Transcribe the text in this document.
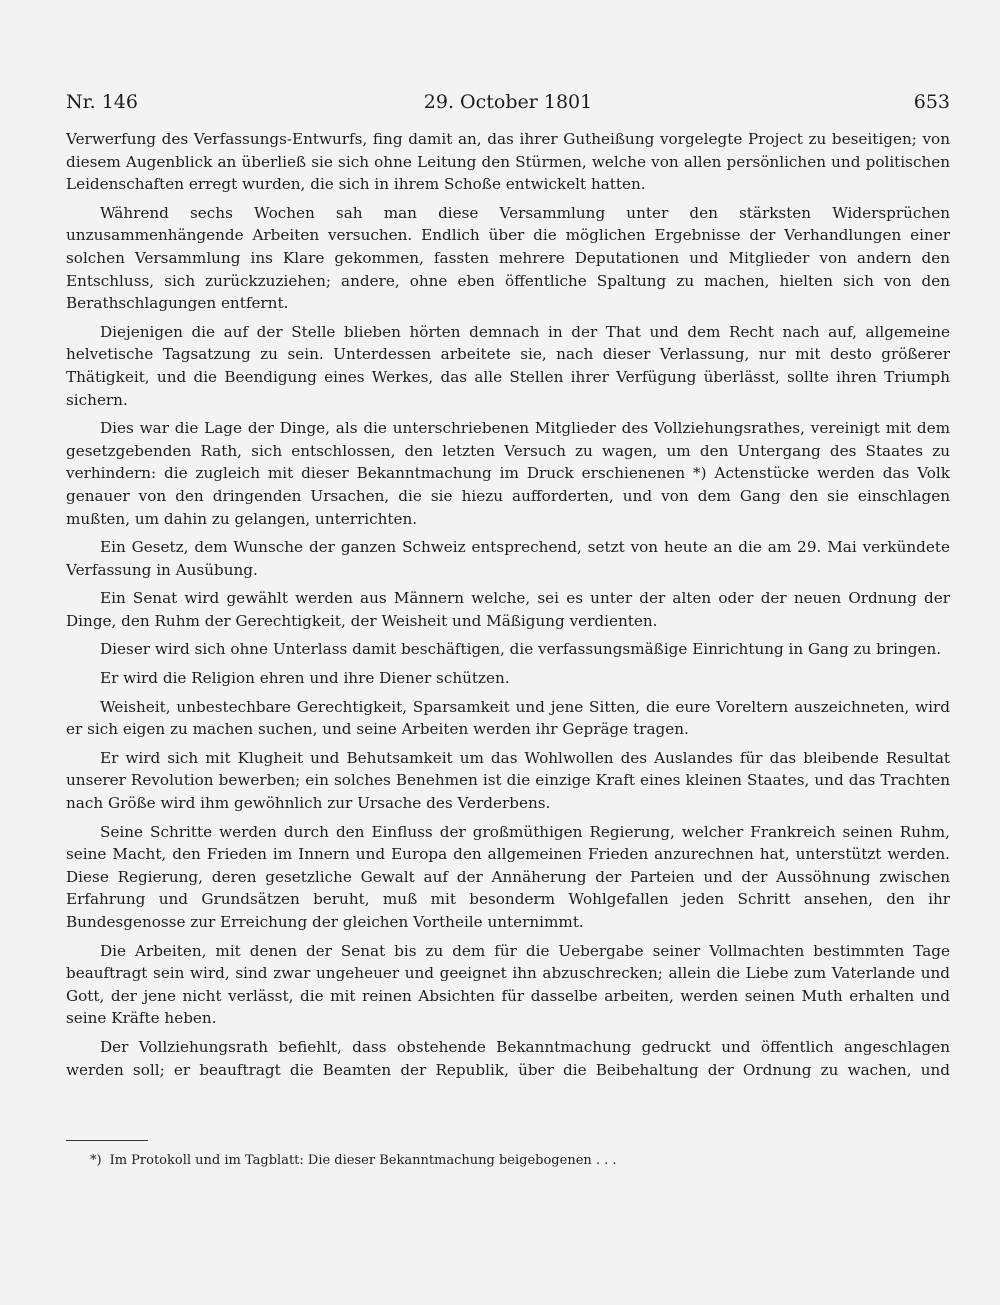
Nr. 146	29. October 1801	653

Verwerfung des Verfassungs-Entwurfs, fing damit an, das ihrer Gutheißung vorgelegte Project zu beseitigen; von diesem Augenblick an überließ sie sich ohne Leitung den Stürmen, welche von allen persönlichen und politischen Leidenschaften erregt wurden, die sich in ihrem Schoße entwickelt hatten.

Während sechs Wochen sah man diese Versammlung unter den stärksten Widersprüchen unzusammenhängende Arbeiten versuchen. Endlich über die möglichen Ergebnisse der Verhandlungen einer solchen Versammlung ins Klare gekommen, fassten mehrere Deputationen und Mitglieder von andern den Entschluss, sich zurückzuziehen; andere, ohne eben öffentliche Spaltung zu machen, hielten sich von den Berathschlagungen entfernt.

Diejenigen die auf der Stelle blieben hörten demnach in der That und dem Recht nach auf, allgemeine helvetische Tagsatzung zu sein. Unterdessen arbeitete sie, nach dieser Verlassung, nur mit desto größerer Thätigkeit, und die Beendigung eines Werkes, das alle Stellen ihrer Verfügung überlässt, sollte ihren Triumph sichern.

Dies war die Lage der Dinge, als die unterschriebenen Mitglieder des Vollziehungsrathes, vereinigt mit dem gesetzgebenden Rath, sich entschlossen, den letzten Versuch zu wagen, um den Untergang des Staates zu verhindern: die zugleich mit dieser Bekanntmachung im Druck erschienenen *) Actenstücke werden das Volk genauer von den dringenden Ursachen, die sie hiezu aufforderten, und von dem Gang den sie einschlagen mußten, um dahin zu gelangen, unterrichten.

Ein Gesetz, dem Wunsche der ganzen Schweiz entsprechend, setzt von heute an die am 29. Mai verkündete Verfassung in Ausübung.

Ein Senat wird gewählt werden aus Männern welche, sei es unter der alten oder der neuen Ordnung der Dinge, den Ruhm der Gerechtigkeit, der Weisheit und Mäßigung verdienten.

Dieser wird sich ohne Unterlass damit beschäftigen, die verfassungsmäßige Einrichtung in Gang zu bringen.

Er wird die Religion ehren und ihre Diener schützen.

Weisheit, unbestechbare Gerechtigkeit, Sparsamkeit und jene Sitten, die eure Voreltern auszeichneten, wird er sich eigen zu machen suchen, und seine Arbeiten werden ihr Gepräge tragen.

Er wird sich mit Klugheit und Behutsamkeit um das Wohlwollen des Auslandes für das bleibende Resultat unserer Revolution bewerben; ein solches Benehmen ist die einzige Kraft eines kleinen Staates, und das Trachten nach Größe wird ihm gewöhnlich zur Ursache des Verderbens.

Seine Schritte werden durch den Einfluss der großmüthigen Regierung, welcher Frankreich seinen Ruhm, seine Macht, den Frieden im Innern und Europa den allgemeinen Frieden anzurechnen hat, unterstützt werden. Diese Regierung, deren gesetzliche Gewalt auf der Annäherung der Parteien und der Aussöhnung zwischen Erfahrung und Grundsätzen beruht, muß mit besonderm Wohlgefallen jeden Schritt ansehen, den ihr Bundesgenosse zur Erreichung der gleichen Vortheile unternimmt.

Die Arbeiten, mit denen der Senat bis zu dem für die Uebergabe seiner Vollmachten bestimmten Tage beauftragt sein wird, sind zwar ungeheuer und geeignet ihn abzuschrecken; allein die Liebe zum Vaterlande und Gott, der jene nicht verlässt, die mit reinen Absichten für dasselbe arbeiten, werden seinen Muth erhalten und seine Kräfte heben.

Der Vollziehungsrath befiehlt, dass obstehende Bekanntmachung gedruckt und öffentlich angeschlagen werden soll; er beauftragt die Beamten der Republik, über die Beibehaltung der Ordnung zu wachen, und

*) Im Protokoll und im Tagblatt: Die dieser Bekanntmachung beigebogenen . . .
